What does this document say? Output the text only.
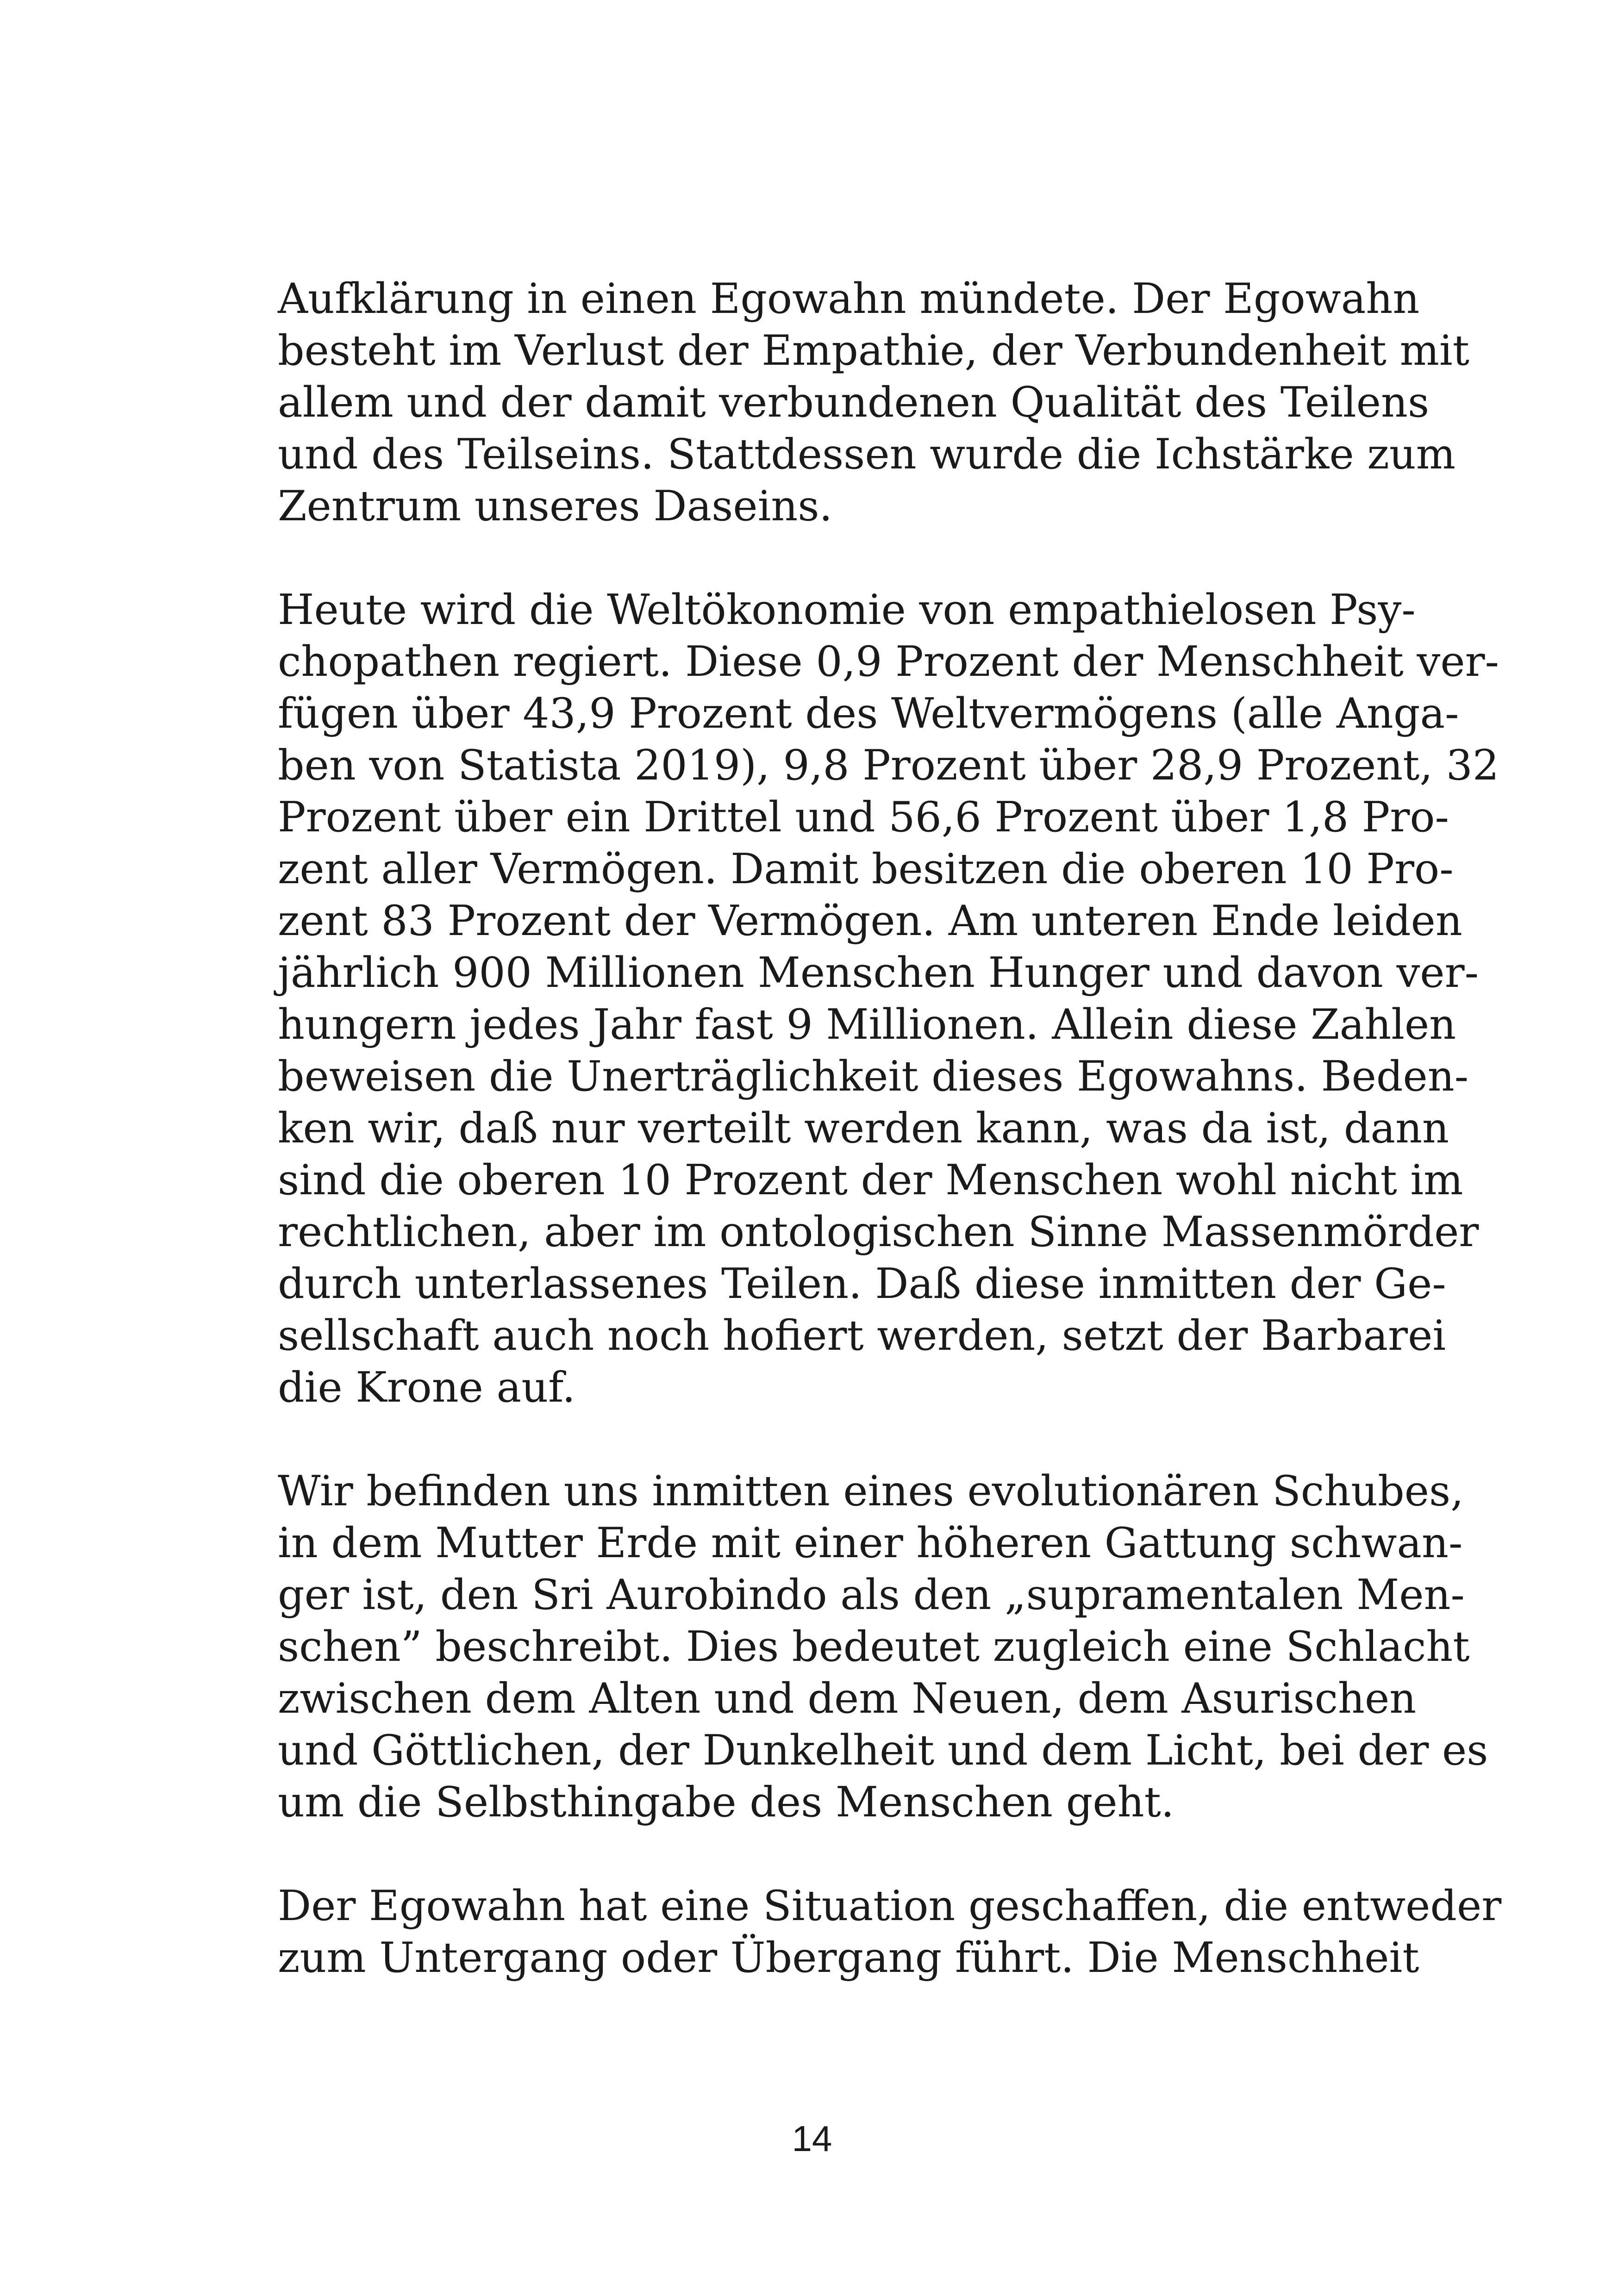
Aufklärung in einen Egowahn mündete. Der Egowahn
besteht im Verlust der Empathie, der Verbundenheit mit
allem und der damit verbundenen Qualität des Teilens
und des Teilseins. Stattdessen wurde die Ichstärke zum
Zentrum unseres Daseins.

Heute wird die Weltökonomie von empathielosen Psy-
chopathen regiert. Diese 0,9 Prozent der Menschheit ver-
fügen über 43,9 Prozent des Weltvermögens (alle Anga-
ben von Statista 2019), 9,8 Prozent über 28,9 Prozent, 32
Prozent über ein Drittel und 56,6 Prozent über 1,8 Pro-
zent aller Vermögen. Damit besitzen die oberen 10 Pro-
zent 83 Prozent der Vermögen. Am unteren Ende leiden
jährlich 900 Millionen Menschen Hunger und davon ver-
hungern jedes Jahr fast 9 Millionen. Allein diese Zahlen
beweisen die Unerträglichkeit dieses Egowahns. Beden-
ken wir, daß nur verteilt werden kann, was da ist, dann
sind die oberen 10 Prozent der Menschen wohl nicht im
rechtlichen, aber im ontologischen Sinne Massenmörder
durch unterlassenes Teilen. Daß diese inmitten der Ge-
sellschaft auch noch hofiert werden, setzt der Barbarei
die Krone auf.

Wir befinden uns inmitten eines evolutionären Schubes,
in dem Mutter Erde mit einer höheren Gattung schwan-
ger ist, den Sri Aurobindo als den „supramentalen Men-
schen” beschreibt. Dies bedeutet zugleich eine Schlacht
zwischen dem Alten und dem Neuen, dem Asurischen
und Göttlichen, der Dunkelheit und dem Licht, bei der es
um die Selbsthingabe des Menschen geht.

Der Egowahn hat eine Situation geschaffen, die entweder
zum Untergang oder Übergang führt. Die Menschheit

14
